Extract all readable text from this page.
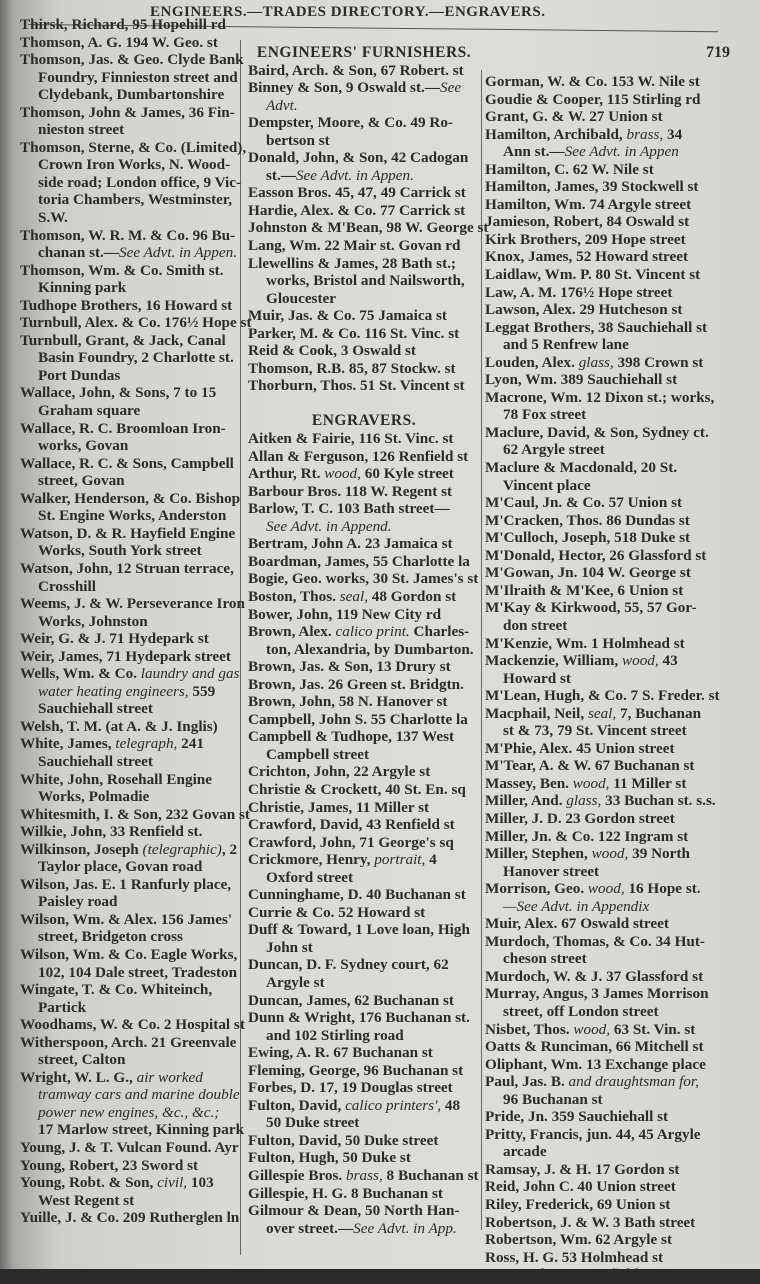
ENGINEERS.—TRADES DIRECTORY.—ENGRAVERS.
719
Thirsk, Richard, 95 Hopehill rd
Thomson, A. G. 194 W. Geo. st
Thomson, Jas. & Geo. Clyde Bank
Foundry, Finnieston street and
Clydebank, Dumbartonshire
Thomson, John & James, 36 Fin-
nieston street
Thomson, Sterne, & Co. (Limited),
Crown Iron Works, N. Wood-
side road; London office, 9 Vic-
toria Chambers, Westminster,
S.W.
Thomson, W. R. M. & Co. 96 Bu-
chanan st.—See Advt. in Appen.
Thomson, Wm. & Co. Smith st.
Kinning park
Tudhope Brothers, 16 Howard st
Turnbull, Alex. & Co. 176½ Hope st
Turnbull, Grant, & Jack, Canal
Basin Foundry, 2 Charlotte st.
Port Dundas
Wallace, John, & Sons, 7 to 15
Graham square
Wallace, R. C. Broomloan Iron-
works, Govan
Wallace, R. C. & Sons, Campbell
street, Govan
Walker, Henderson, & Co. Bishop
St. Engine Works, Anderston
Watson, D. & R. Hayfield Engine
Works, South York street
Watson, John, 12 Struan terrace,
Crosshill
Weems, J. & W. Perseverance Iron
Works, Johnston
Weir, G. & J. 71 Hydepark st
Weir, James, 71 Hydepark street
Wells, Wm. & Co. laundry and gas
water heating engineers, 559
Sauchiehall street
Welsh, T. M. (at A. & J. Inglis)
White, James, telegraph, 241
Sauchiehall street
White, John, Rosehall Engine
Works, Polmadie
Whitesmith, I. & Son, 232 Govan st
Wilkie, John, 33 Renfield st.
Wilkinson, Joseph (telegraphic), 2
Taylor place, Govan road
Wilson, Jas. E. 1 Ranfurly place,
Paisley road
Wilson, Wm. & Alex. 156 James'
street, Bridgeton cross
Wilson, Wm. & Co. Eagle Works,
102, 104 Dale street, Tradeston
Wingate, T. & Co. Whiteinch,
Partick
Woodhams, W. & Co. 2 Hospital st
Witherspoon, Arch. 21 Greenvale
street, Calton
Wright, W. L. G., air worked
tramway cars and marine double
power new engines, &c., &c.;
17 Marlow street, Kinning park
Young, J. & T. Vulcan Found. Ayr
Young, Robert, 23 Sword st
Young, Robt. & Son, civil, 103
West Regent st
Yuille, J. & Co. 209 Rutherglen ln
ENGINEERS' FURNISHERS.
Baird, Arch. & Son, 67 Robert. st
Binney & Son, 9 Oswald st.—See
Advt.
Dempster, Moore, & Co. 49 Ro-
bertson st
Donald, John, & Son, 42 Cadogan
st.—See Advt. in Appen.
Easson Bros. 45, 47, 49 Carrick st
Hardie, Alex. & Co. 77 Carrick st
Johnston & M'Bean, 98 W. George st
Lang, Wm. 22 Mair st. Govan rd
Llewellins & James, 28 Bath st.;
works, Bristol and Nailsworth,
Gloucester
Muir, Jas. & Co. 75 Jamaica st
Parker, M. & Co. 116 St. Vinc. st
Reid & Cook, 3 Oswald st
Thomson, R.B. 85, 87 Stockw. st
Thorburn, Thos. 51 St. Vincent st
ENGRAVERS.
Aitken & Fairie, 116 St. Vinc. st
Allan & Ferguson, 126 Renfield st
Arthur, Rt. wood, 60 Kyle street
Barbour Bros. 118 W. Regent st
Barlow, T. C. 103 Bath street—
See Advt. in Append.
Bertram, John A. 23 Jamaica st
Boardman, James, 55 Charlotte la
Bogie, Geo. works, 30 St. James's st
Boston, Thos. seal, 48 Gordon st
Bower, John, 119 New City rd
Brown, Alex. calico print. Charles-
ton, Alexandria, by Dumbarton.
Brown, Jas. & Son, 13 Drury st
Brown, Jas. 26 Green st. Bridgtn.
Brown, John, 58 N. Hanover st
Campbell, John S. 55 Charlotte la
Campbell & Tudhope, 137 West
Campbell street
Crichton, John, 22 Argyle st
Christie & Crockett, 40 St. En. sq
Christie, James, 11 Miller st
Crawford, David, 43 Renfield st
Crawford, John, 71 George's sq
Crickmore, Henry, portrait, 4
Oxford street
Cunninghame, D. 40 Buchanan st
Currie & Co. 52 Howard st
Duff & Toward, 1 Love loan, High
John st
Duncan, D. F. Sydney court, 62
Argyle st
Duncan, James, 62 Buchanan st
Dunn & Wright, 176 Buchanan st.
and 102 Stirling road
Ewing, A. R. 67 Buchanan st
Fleming, George, 96 Buchanan st
Forbes, D. 17, 19 Douglas street
Fulton, David, calico printers', 48
50 Duke street
Fulton, David, 50 Duke street
Fulton, Hugh, 50 Duke st
Gillespie Bros. brass, 8 Buchanan st
Gillespie, H. G. 8 Buchanan st
Gilmour & Dean, 50 North Han-
over street.—See Advt. in App.
Gorman, W. & Co. 153 W. Nile st
Goudie & Cooper, 115 Stirling rd
Grant, G. & W. 27 Union st
Hamilton, Archibald, brass, 34
Ann st.—See Advt. in Appen
Hamilton, C. 62 W. Nile st
Hamilton, James, 39 Stockwell st
Hamilton, Wm. 74 Argyle street
Jamieson, Robert, 84 Oswald st
Kirk Brothers, 209 Hope street
Knox, James, 52 Howard street
Laidlaw, Wm. P. 80 St. Vincent st
Law, A. M. 176½ Hope street
Lawson, Alex. 29 Hutcheson st
Leggat Brothers, 38 Sauchiehall st
and 5 Renfrew lane
Louden, Alex. glass, 398 Crown st
Lyon, Wm. 389 Sauchiehall st
Macrone, Wm. 12 Dixon st.; works,
78 Fox street
Maclure, David, & Son, Sydney ct.
62 Argyle street
Maclure & Macdonald, 20 St.
Vincent place
M'Caul, Jn. & Co. 57 Union st
M'Cracken, Thos. 86 Dundas st
M'Culloch, Joseph, 518 Duke st
M'Donald, Hector, 26 Glassford st
M'Gowan, Jn. 104 W. George st
M'Ilraith & M'Kee, 6 Union st
M'Kay & Kirkwood, 55, 57 Gor-
don street
M'Kenzie, Wm. 1 Holmhead st
Mackenzie, William, wood, 43
Howard st
M'Lean, Hugh, & Co. 7 S. Freder. st
Macphail, Neil, seal, 7, Buchanan
st & 73, 79 St. Vincent street
M'Phie, Alex. 45 Union street
M'Tear, A. & W. 67 Buchanan st
Massey, Ben. wood, 11 Miller st
Miller, And. glass, 33 Buchan st. s.s.
Miller, J. D. 23 Gordon street
Miller, Jn. & Co. 122 Ingram st
Miller, Stephen, wood, 39 North
Hanover street
Morrison, Geo. wood, 16 Hope st.
—See Advt. in Appendix
Muir, Alex. 67 Oswald street
Murdoch, Thomas, & Co. 34 Hut-
cheson street
Murdoch, W. & J. 37 Glassford st
Murray, Angus, 3 James Morrison
street, off London street
Nisbet, Thos. wood, 63 St. Vin. st
Oatts & Runciman, 66 Mitchell st
Oliphant, Wm. 13 Exchange place
Paul, Jas. B. and draughtsman for,
96 Buchanan st
Pride, Jn. 359 Sauchiehall st
Pritty, Francis, jun. 44, 45 Argyle
arcade
Ramsay, J. & H. 17 Gordon st
Reid, John C. 40 Union street
Riley, Frederick, 69 Union st
Robertson, J. & W. 3 Bath street
Robertson, Wm. 62 Argyle st
Ross, H. G. 53 Holmhead st
Scott, John, 33 Renfield st
